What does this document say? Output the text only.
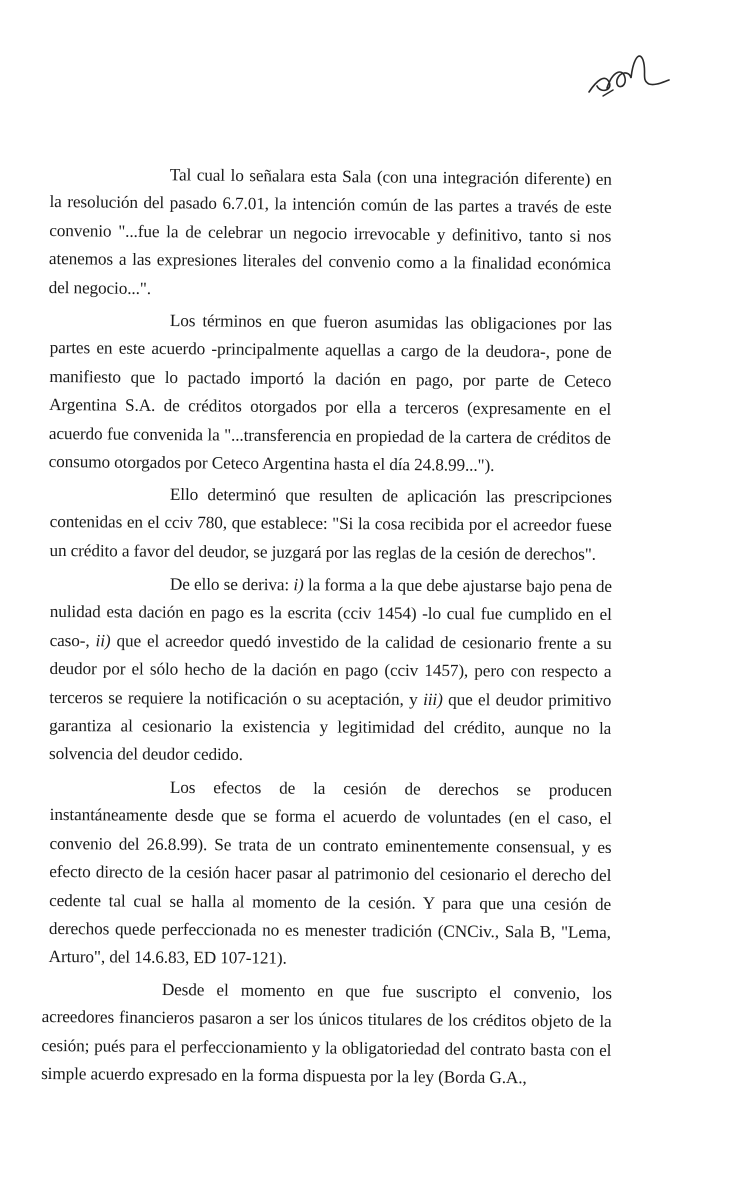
Tal cual lo señalara esta Sala (con una integración diferente) en la resolución del pasado 6.7.01, la intención común de las partes a través de este convenio "...fue la de celebrar un negocio irrevocable y definitivo, tanto si nos atenemos a las expresiones literales del convenio como a la finalidad económica del negocio...".

Los términos en que fueron asumidas las obligaciones por las partes en este acuerdo -principalmente aquellas a cargo de la deudora-, pone de manifiesto que lo pactado importó la dación en pago, por parte de Ceteco Argentina S.A. de créditos otorgados por ella a terceros (expresamente en el acuerdo fue convenida la "...transferencia en propiedad de la cartera de créditos de consumo otorgados por Ceteco Argentina hasta el día 24.8.99...").

Ello determinó que resulten de aplicación las prescripciones contenidas en el cciv 780, que establece: "Si la cosa recibida por el acreedor fuese un crédito a favor del deudor, se juzgará por las reglas de la cesión de derechos".

De ello se deriva: i) la forma a la que debe ajustarse bajo pena de nulidad esta dación en pago es la escrita (cciv 1454) -lo cual fue cumplido en el caso-, ii) que el acreedor quedó investido de la calidad de cesionario frente a su deudor por el sólo hecho de la dación en pago (cciv 1457), pero con respecto a terceros se requiere la notificación o su aceptación, y iii) que el deudor primitivo garantiza al cesionario la existencia y legitimidad del crédito, aunque no la solvencia del deudor cedido.

Los efectos de la cesión de derechos se producen instantáneamente desde que se forma el acuerdo de voluntades (en el caso, el convenio del 26.8.99). Se trata de un contrato eminentemente consensual, y es efecto directo de la cesión hacer pasar al patrimonio del cesionario el derecho del cedente tal cual se halla al momento de la cesión. Y para que una cesión de derechos quede perfeccionada no es menester tradición (CNCiv., Sala B, "Lema, Arturo", del 14.6.83, ED 107-121).

Desde el momento en que fue suscripto el convenio, los acreedores financieros pasaron a ser los únicos titulares de los créditos objeto de la cesión; pués para el perfeccionamiento y la obligatoriedad del contrato basta con el simple acuerdo expresado en la forma dispuesta por la ley (Borda G.A.,
